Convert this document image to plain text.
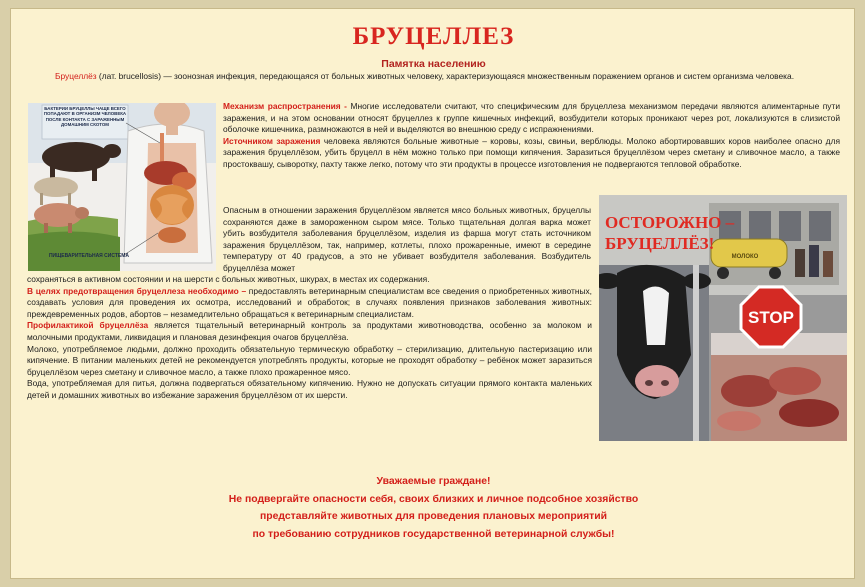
БРУЦЕЛЛЕЗ
Памятка населению

Бруцеллёз (лат. brucellosis) — зоонозная инфекция, передающаяся от больных животных человеку, характеризующаяся множественным поражением органов и систем организма человека.

БАКТЕРИИ БРУЦЕЛЛЫ ЧАЩЕ ВСЕГО ПОПАДАЮТ В ОРГАНИЗМ ЧЕЛОВЕКА ПОСЛЕ КОНТАКТА С ЗАРАЖЕННЫМ ДОМАШНИМ СКОТОМ
ПИЩЕВАРИТЕЛЬНАЯ СИСТЕМА

Механизм распространения - Многие исследователи считают, что специфическим для бруцеллеза механизмом передачи являются алиментарные пути заражения, и на этом основании относят бруцеллез к группе кишечных инфекций, возбудители которых проникают через рот, локализуются в слизистой оболочке кишечника, размножаются в ней и выделяются во внешнюю среду с испражнениями.
Источником заражения человека являются больные животные – коровы, козы, свиньи, верблюды. Молоко абортировавших коров наиболее опасно для заражения бруцеллёзом, убить бруцелл в нём можно только при помощи кипячения. Заразиться бруцеллёзом через сметану и сливочное масло, а также простоквашу, сыворотку, пахту также легко, потому что эти продукты в процессе изготовления не подвергаются тепловой обработке.

Опасным в отношении заражения бруцеллёзом является мясо больных животных, бруцеллы сохраняются даже в замороженном сыром мясе. Только тщательная долгая варка может убить возбудителя заболевания бруцеллёзом, изделия из фарша могут стать источником заражения бруцеллёзом, так, например, котлеты, плохо прожаренные, имеют в середине температуру от 40 градусов, а это не убивает возбудителя заболевания. Возбудитель бруцеллёза может

STOP
МОЛОКО
ОСТОРОЖНО –
БРУЦЕЛЛЁЗ!

сохраняться в активном состоянии и на шерсти с больных животных, шкурах, в местах их содержания.

В целях предотвращения бруцеллеза необходимо – предоставлять ветеринарным специалистам все сведения о приобретенных животных, создавать условия для проведения их осмотра, исследований и обработок; в случаях появления признаков заболевания животных: преждевременных родов, абортов – незамедлительно обращаться к ветеринарным специалистам.

Профилактикой бруцеллёза является тщательный ветеринарный контроль за продуктами животноводства, особенно за молоком и молочными продуктами, ликвидация и плановая дезинфекция очагов бруцеллёза.

Молоко, употребляемое людьми, должно проходить обязательную термическую обработку – стерилизацию, длительную пастеризацию или кипячение. В питании маленьких детей не рекомендуется употреблять продукты, которые не проходят обработку – ребёнок может заразиться бруцеллёзом через сметану и сливочное масло, а также плохо прожаренное мясо.

Вода, употребляемая для питья, должна подвергаться обязательному кипячению. Нужно не допускать ситуации прямого контакта маленьких детей и домашних животных во избежание заражения бруцеллёзом от их шерсти.

Уважаемые граждане!
Не подвергайте опасности себя, своих близких и личное подсобное хозяйство
представляйте животных для проведения плановых мероприятий
по требованию сотрудников государственной ветеринарной службы!
